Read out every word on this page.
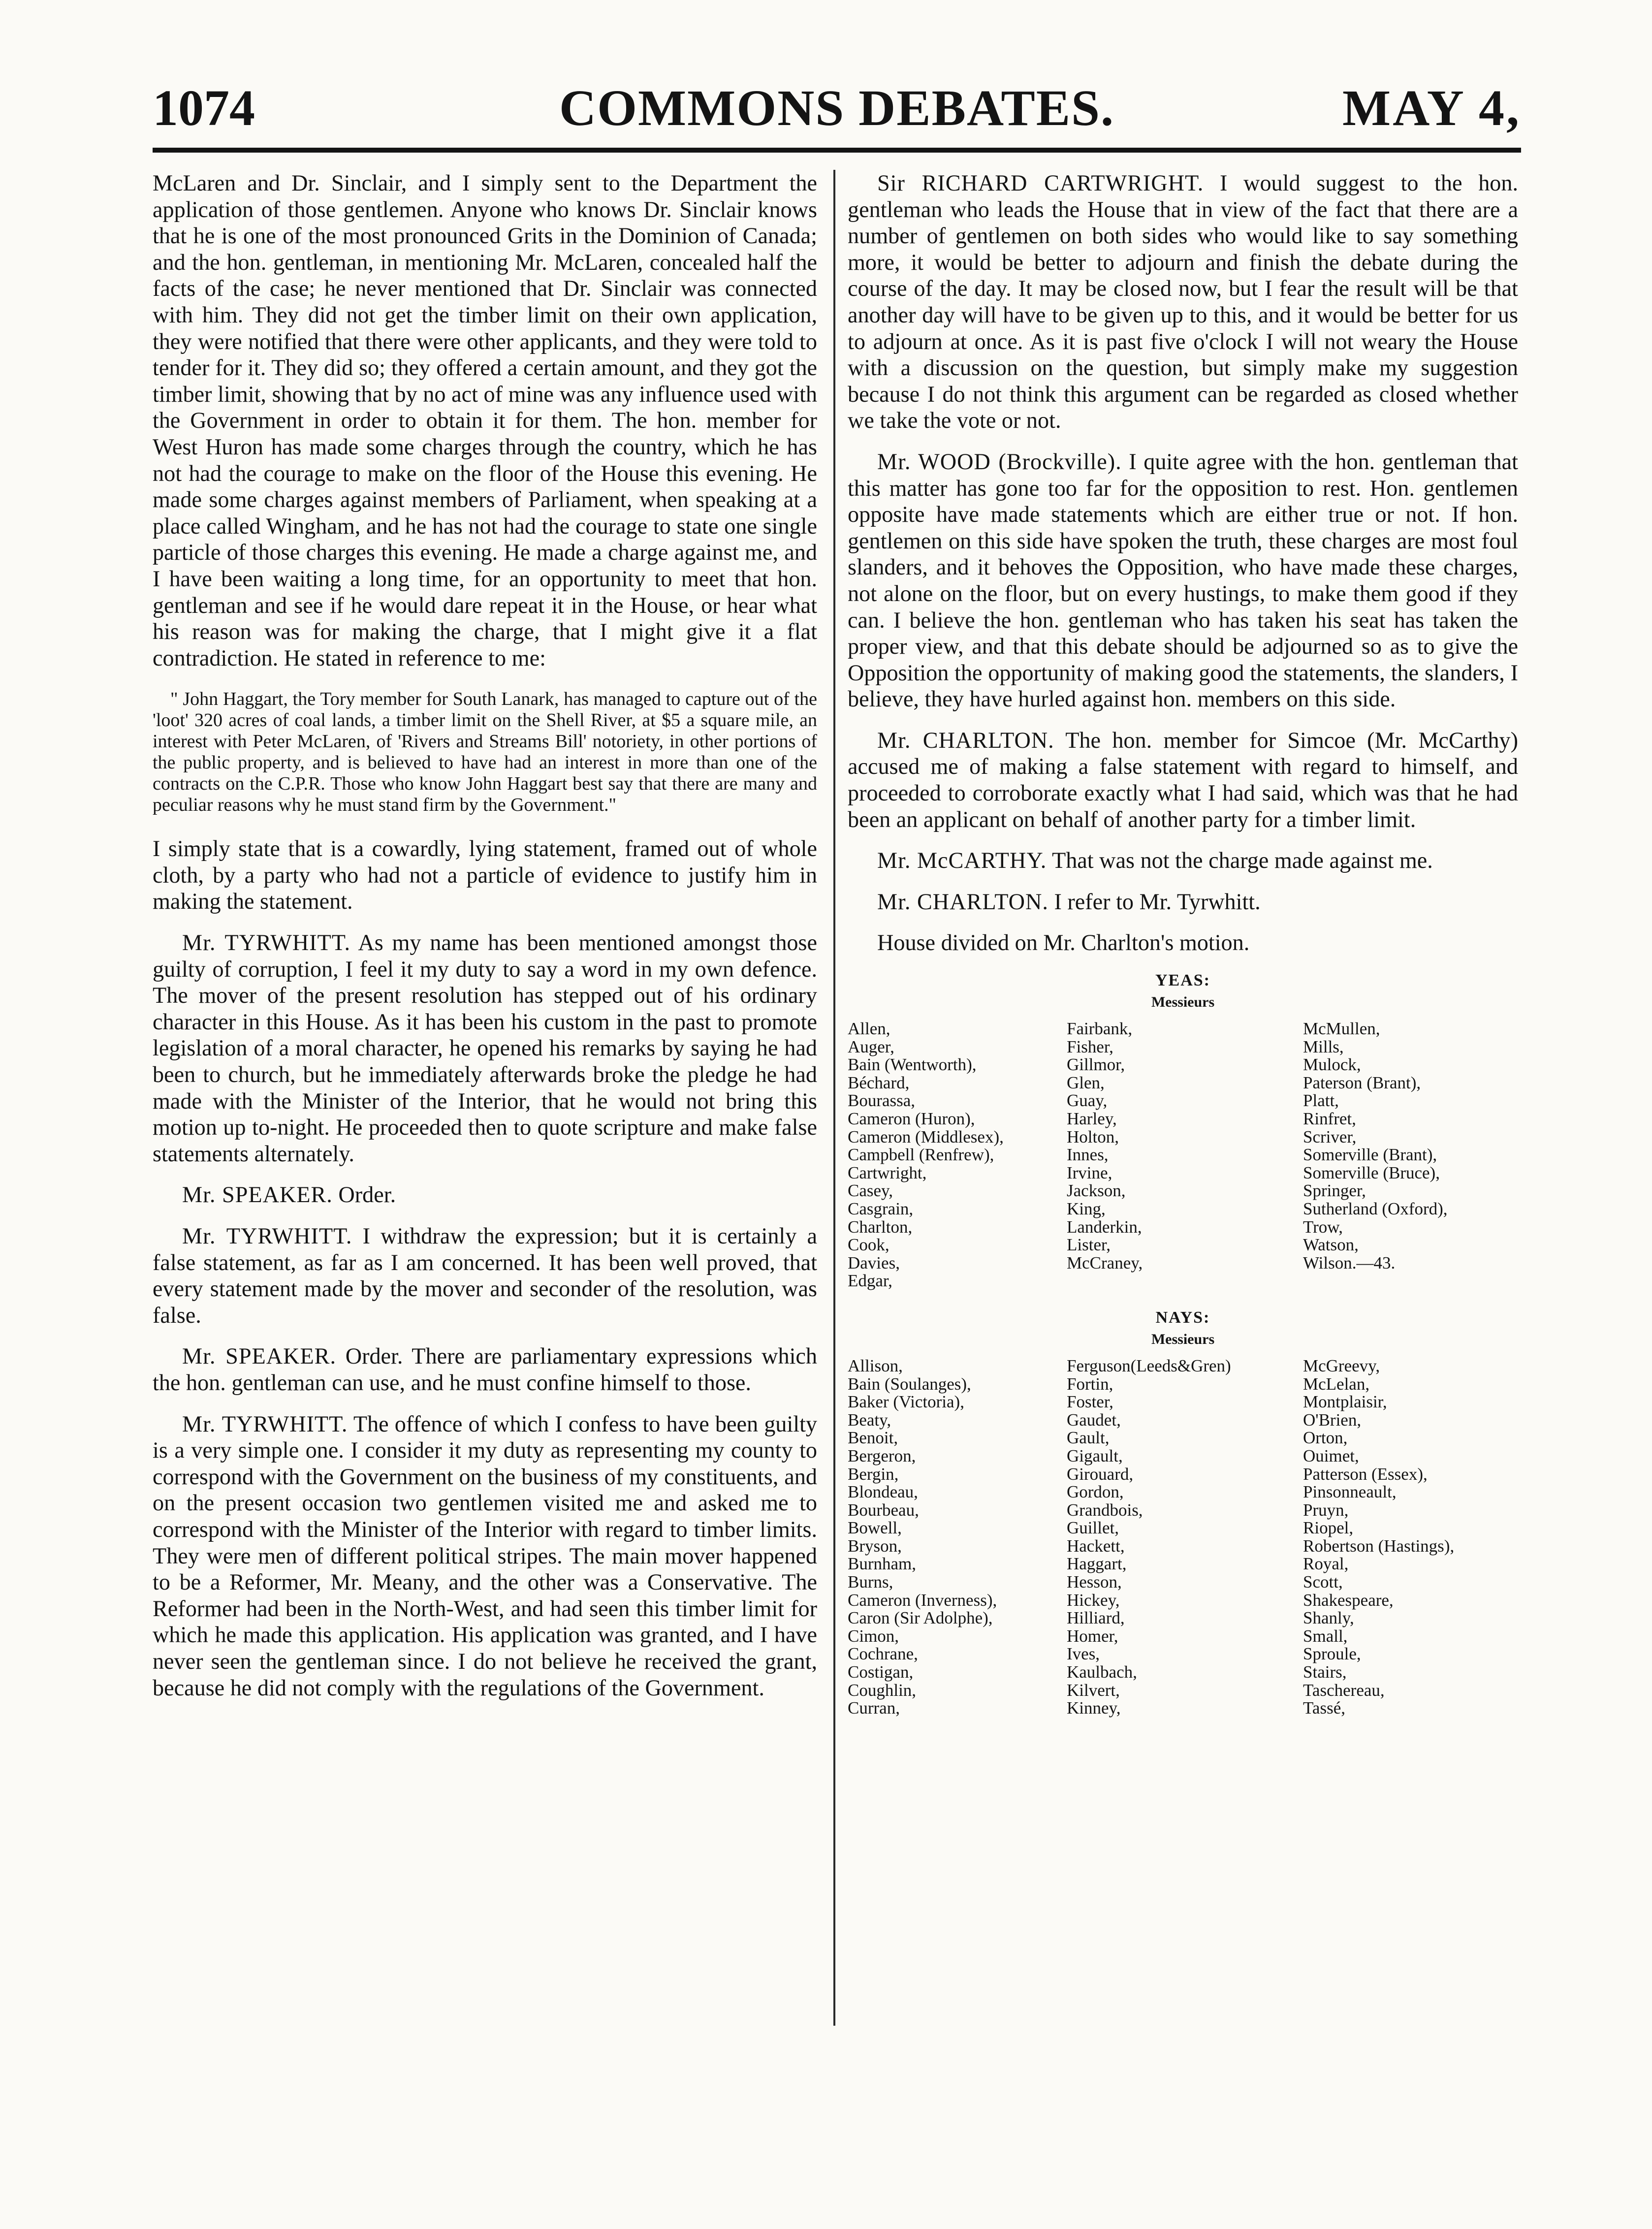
1074	COMMONS DEBATES.	MAY 4,

McLaren and Dr. Sinclair, and I simply sent to the Department the application of those gentlemen. Anyone who knows Dr. Sinclair knows that he is one of the most pronounced Grits in the Dominion of Canada; and the hon. gentleman, in mentioning Mr. McLaren, concealed half the facts of the case; he never mentioned that Dr. Sinclair was connected with him. They did not get the timber limit on their own application, they were notified that there were other applicants, and they were told to tender for it. They did so; they offered a certain amount, and they got the timber limit, showing that by no act of mine was any influence used with the Government in order to obtain it for them. The hon. member for West Huron has made some charges through the country, which he has not had the courage to make on the floor of the House this evening. He made some charges against members of Parliament, when speaking at a place called Wingham, and he has not had the courage to state one single particle of those charges this evening. He made a charge against me, and I have been waiting a long time, for an opportunity to meet that hon. gentleman and see if he would dare repeat it in the House, or hear what his reason was for making the charge, that I might give it a flat contradiction. He stated in reference to me:

" John Haggart, the Tory member for South Lanark, has managed to capture out of the 'loot' 320 acres of coal lands, a timber limit on the Shell River, at $5 a square mile, an interest with Peter McLaren, of 'Rivers and Streams Bill' notoriety, in other portions of the public property, and is believed to have had an interest in more than one of the contracts on the C.P.R. Those who know John Haggart best say that there are many and peculiar reasons why he must stand firm by the Government."

I simply state that is a cowardly, lying statement, framed out of whole cloth, by a party who had not a particle of evidence to justify him in making the statement.

Mr. TYRWHITT. As my name has been mentioned amongst those guilty of corruption, I feel it my duty to say a word in my own defence. The mover of the present resolution has stepped out of his ordinary character in this House. As it has been his custom in the past to promote legislation of a moral character, he opened his remarks by saying he had been to church, but he immediately afterwards broke the pledge he had made with the Minister of the Interior, that he would not bring this motion up to-night. He proceeded then to quote scripture and make false statements alternately.

Mr. SPEAKER. Order.

Mr. TYRWHITT. I withdraw the expression; but it is certainly a false statement, as far as I am concerned. It has been well proved, that every statement made by the mover and seconder of the resolution, was false.

Mr. SPEAKER. Order. There are parliamentary expressions which the hon. gentleman can use, and he must confine himself to those.

Mr. TYRWHITT. The offence of which I confess to have been guilty is a very simple one. I consider it my duty as representing my county to correspond with the Government on the business of my constituents, and on the present occasion two gentlemen visited me and asked me to correspond with the Minister of the Interior with regard to timber limits. They were men of different political stripes. The main mover happened to be a Reformer, Mr. Meany, and the other was a Conservative. The Reformer had been in the North-West, and had seen this timber limit for which he made this application. His application was granted, and I have never seen the gentleman since. I do not believe he received the grant, because he did not comply with the regulations of the Government.

Sir RICHARD CARTWRIGHT. I would suggest to the hon. gentleman who leads the House that in view of the fact that there are a number of gentlemen on both sides who would like to say something more, it would be better to adjourn and finish the debate during the course of the day. It may be closed now, but I fear the result will be that another day will have to be given up to this, and it would be better for us to adjourn at once. As it is past five o'clock I will not weary the House with a discussion on the question, but simply make my suggestion because I do not think this argument can be regarded as closed whether we take the vote or not.

Mr. WOOD (Brockville). I quite agree with the hon. gentleman that this matter has gone too far for the opposition to rest. Hon. gentlemen opposite have made statements which are either true or not. If hon. gentlemen on this side have spoken the truth, these charges are most foul slanders, and it behoves the Opposition, who have made these charges, not alone on the floor, but on every hustings, to make them good if they can. I believe the hon. gentleman who has taken his seat has taken the proper view, and that this debate should be adjourned so as to give the Opposition the opportunity of making good the statements, the slanders, I believe, they have hurled against hon. members on this side.

Mr. CHARLTON. The hon. member for Simcoe (Mr. McCarthy) accused me of making a false statement with regard to himself, and proceeded to corroborate exactly what I had said, which was that he had been an applicant on behalf of another party for a timber limit.

Mr. McCARTHY. That was not the charge made against me.

Mr. CHARLTON. I refer to Mr. Tyrwhitt.

House divided on Mr. Charlton's motion.

YEAS:
Messieurs
Allen,
Auger,
Bain (Wentworth),
Béchard,
Bourassa,
Cameron (Huron),
Cameron (Middlesex),
Campbell (Renfrew),
Cartwright,
Casey,
Casgrain,
Charlton,
Cook,
Davies,
Edgar,
Fairbank,
Fisher,
Gillmor,
Glen,
Guay,
Harley,
Holton,
Innes,
Irvine,
Jackson,
King,
Landerkin,
Lister,
McCraney,
McMullen,
Mills,
Mulock,
Paterson (Brant),
Platt,
Rinfret,
Scriver,
Somerville (Brant),
Somerville (Bruce),
Springer,
Sutherland (Oxford),
Trow,
Watson,
Wilson.—43.
NAYS:
Messieurs
Allison,
Bain (Soulanges),
Baker (Victoria),
Beaty,
Benoit,
Bergeron,
Bergin,
Blondeau,
Bourbeau,
Bowell,
Bryson,
Burnham,
Burns,
Cameron (Inverness),
Caron (Sir Adolphe),
Cimon,
Cochrane,
Costigan,
Coughlin,
Curran,
Ferguson(Leeds&Gren)
Fortin,
Foster,
Gaudet,
Gault,
Gigault,
Girouard,
Gordon,
Grandbois,
Guillet,
Hackett,
Haggart,
Hesson,
Hickey,
Hilliard,
Homer,
Ives,
Kaulbach,
Kilvert,
Kinney,
McGreevy,
McLelan,
Montplaisir,
O'Brien,
Orton,
Ouimet,
Patterson (Essex),
Pinsonneault,
Pruyn,
Riopel,
Robertson (Hastings),
Royal,
Scott,
Shakespeare,
Shanly,
Small,
Sproule,
Stairs,
Taschereau,
Tassé,
